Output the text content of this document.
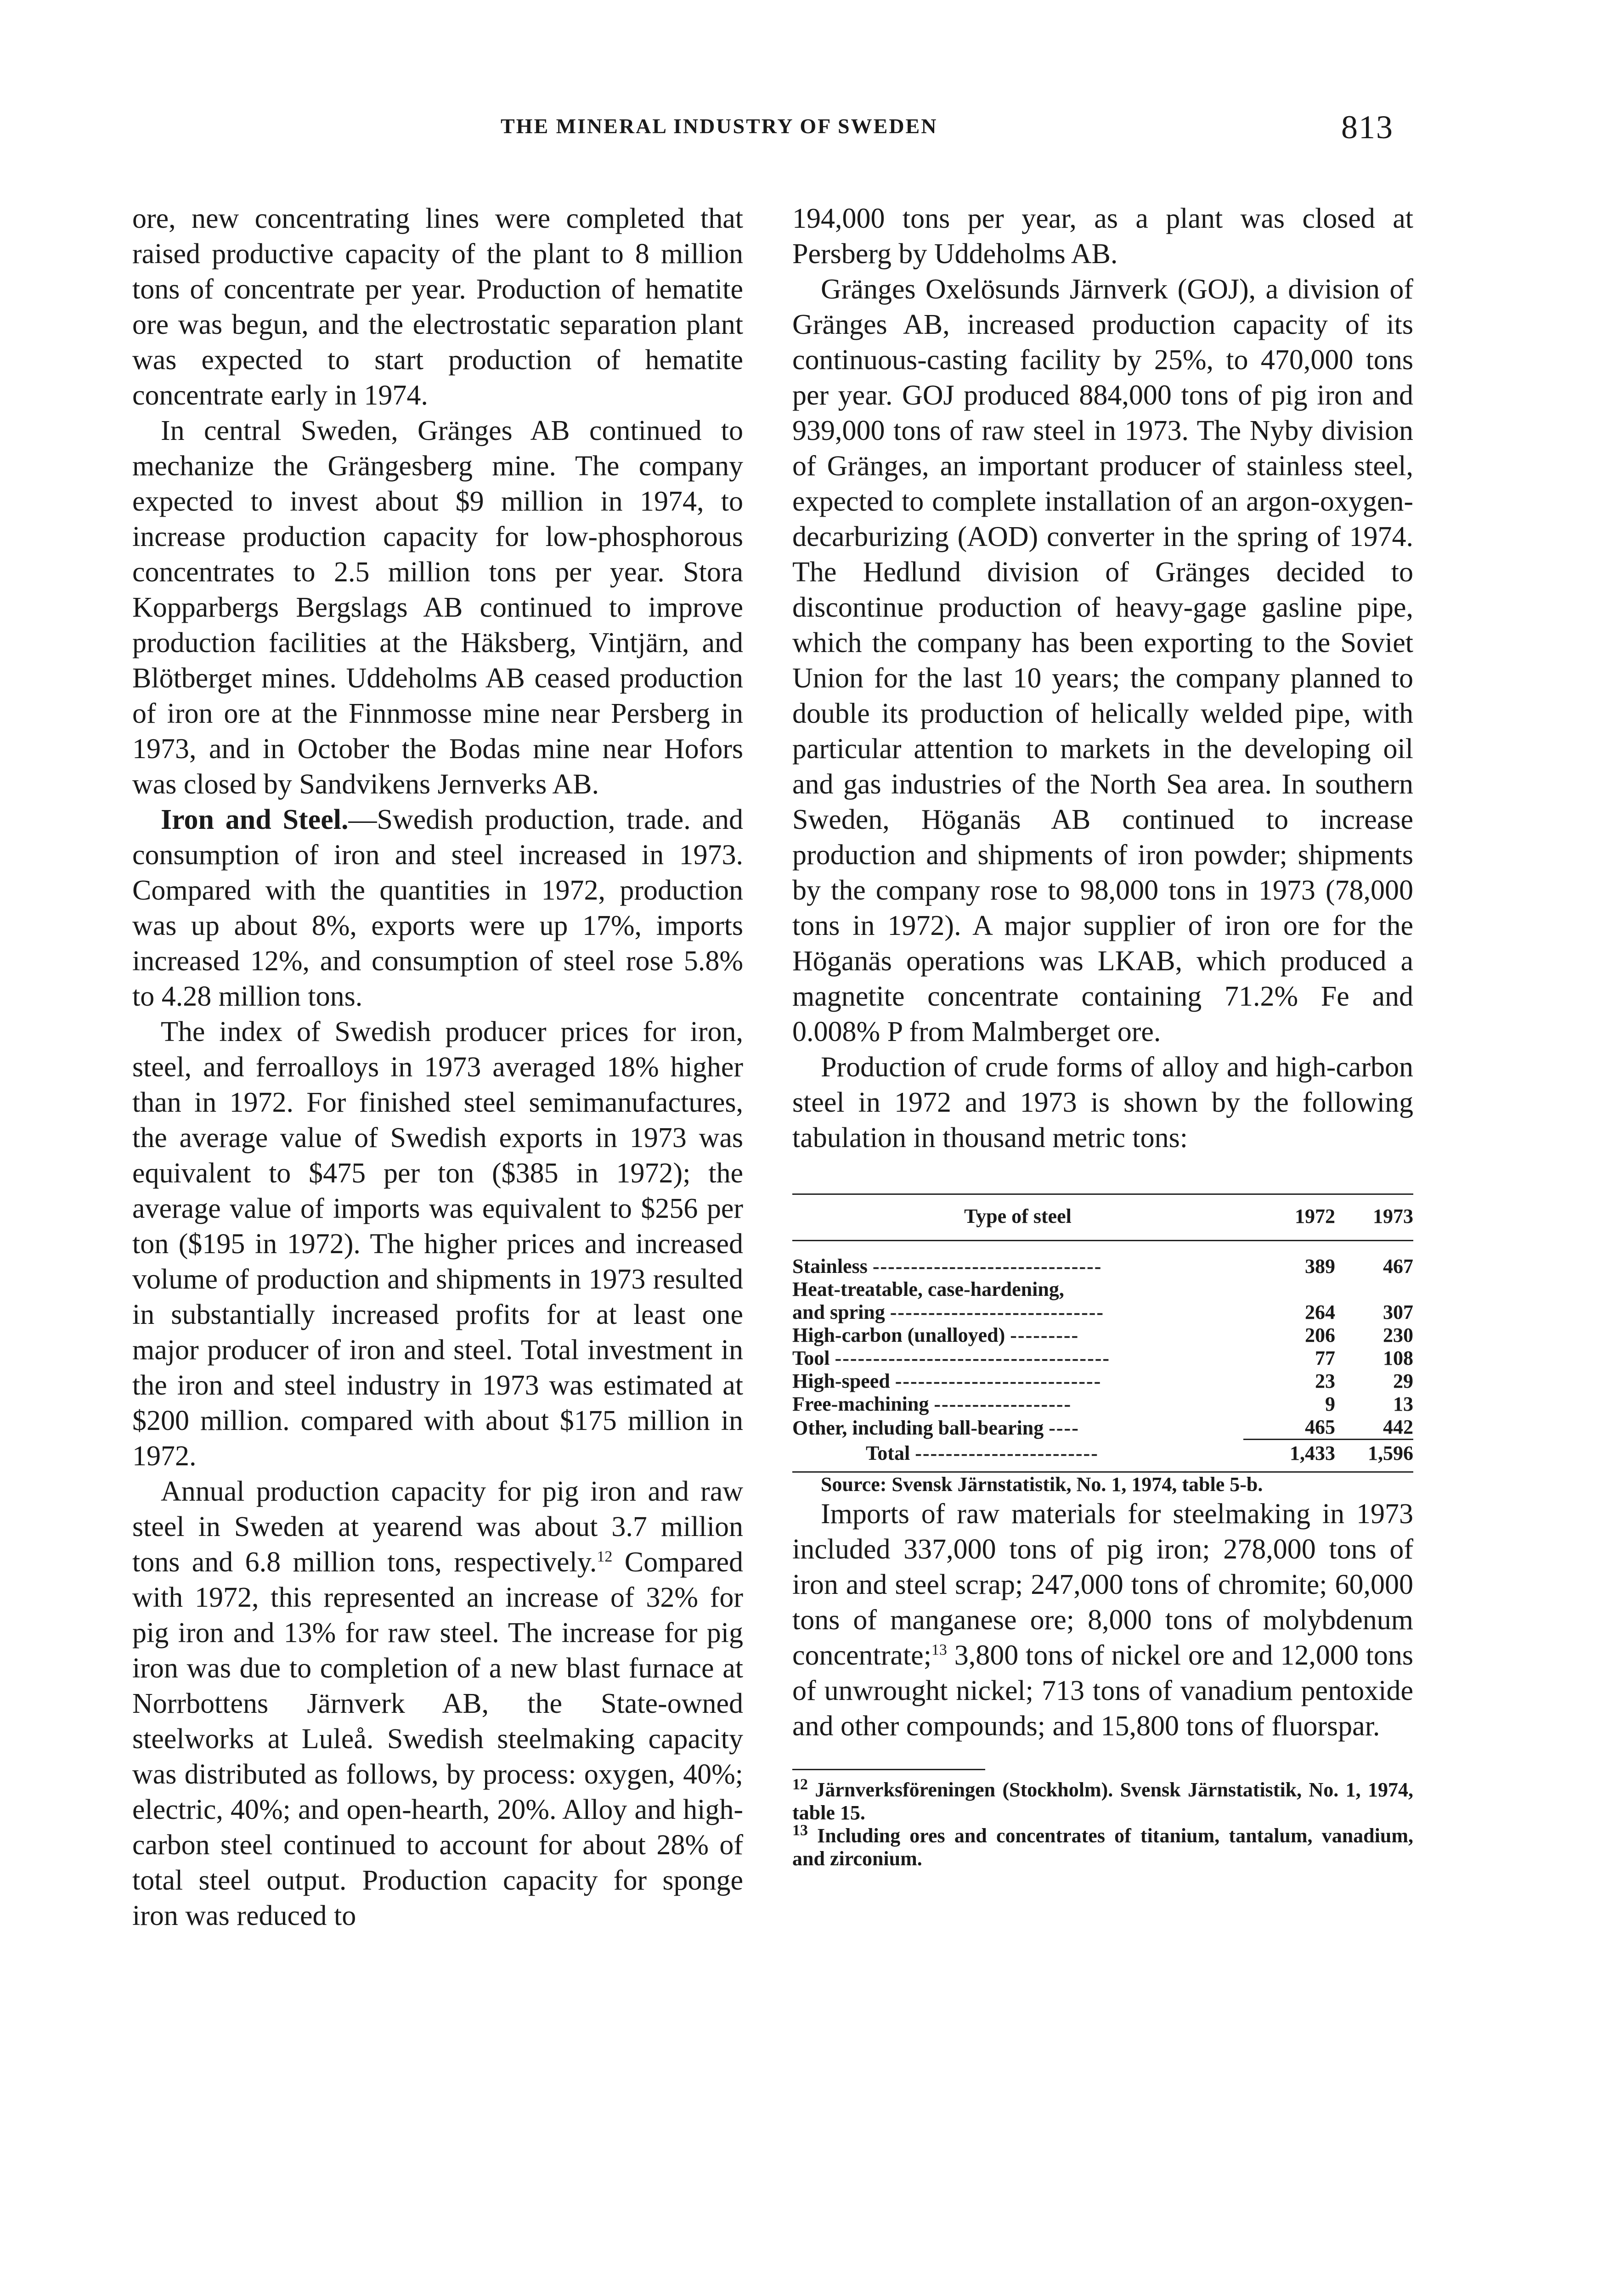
THE MINERAL INDUSTRY OF SWEDEN	813

ore, new concentrating lines were completed that raised productive capacity of the plant to 8 million tons of concentrate per year. Production of hematite ore was begun, and the electrostatic separation plant was expected to start production of hematite concentrate early in 1974.

In central Sweden, Gränges AB continued to mechanize the Grängesberg mine. The company expected to invest about $9 million in 1974, to increase production capacity for low-phosphorous concentrates to 2.5 million tons per year. Stora Kopparbergs Bergslags AB continued to improve production facilities at the Häksberg, Vintjärn, and Blötberget mines. Uddeholms AB ceased production of iron ore at the Finnmosse mine near Persberg in 1973, and in October the Bodas mine near Hofors was closed by Sandvikens Jernverks AB.

Iron and Steel.—Swedish production, trade. and consumption of iron and steel increased in 1973. Compared with the quantities in 1972, production was up about 8%, exports were up 17%, imports increased 12%, and consumption of steel rose 5.8% to 4.28 million tons.

The index of Swedish producer prices for iron, steel, and ferroalloys in 1973 averaged 18% higher than in 1972. For finished steel semimanufactures, the average value of Swedish exports in 1973 was equivalent to $475 per ton ($385 in 1972); the average value of imports was equivalent to $256 per ton ($195 in 1972). The higher prices and increased volume of production and shipments in 1973 resulted in substantially increased profits for at least one major producer of iron and steel. Total investment in the iron and steel industry in 1973 was estimated at $200 million. compared with about $175 million in 1972.

Annual production capacity for pig iron and raw steel in Sweden at yearend was about 3.7 million tons and 6.8 million tons, respectively.$^{12}$ Compared with 1972, this represented an increase of 32% for pig iron and 13% for raw steel. The increase for pig iron was due to completion of a new blast furnace at Norrbottens Järnverk AB, the State-owned steelworks at Luleå. Swedish steelmaking capacity was distributed as follows, by process: oxygen, 40%; electric, 40%; and open-hearth, 20%. Alloy and high-carbon steel continued to account for about 28% of total steel output. Production capacity for sponge iron was reduced to

194,000 tons per year, as a plant was closed at Persberg by Uddeholms AB.

Gränges Oxelösunds Järnverk (GOJ), a division of Gränges AB, increased production capacity of its continuous-casting facility by 25%, to 470,000 tons per year. GOJ produced 884,000 tons of pig iron and 939,000 tons of raw steel in 1973. The Nyby division of Gränges, an important producer of stainless steel, expected to complete installation of an argon-oxygen-decarburizing (AOD) converter in the spring of 1974. The Hedlund division of Gränges decided to discontinue production of heavy-gage gasline pipe, which the company has been exporting to the Soviet Union for the last 10 years; the company planned to double its production of helically welded pipe, with particular attention to markets in the developing oil and gas industries of the North Sea area. In southern Sweden, Höganäs AB continued to increase production and shipments of iron powder; shipments by the company rose to 98,000 tons in 1973 (78,000 tons in 1972). A major supplier of iron ore for the Höganäs operations was LKAB, which produced a magnetite concentrate containing 71.2% Fe and 0.008% P from Malmberget ore.

Production of crude forms of alloy and high-carbon steel in 1972 and 1973 is shown by the following tabulation in thousand metric tons:

Type of steel	1972	1973
Stainless ------------------------------	389	467
Heat-treatable, case-hardening,		
and spring ----------------------------	264	307
High-carbon (unalloyed) ---------	206	230
Tool ------------------------------------	77	108
High-speed ---------------------------	23	29
Free-machining ------------------	9	13
Other, including ball-bearing ----	465	442
Total ------------------------	1,433	1,596

Source: Svensk Järnstatistik, No. 1, 1974, table 5-b.

Imports of raw materials for steelmaking in 1973 included 337,000 tons of pig iron; 278,000 tons of iron and steel scrap; 247,000 tons of chromite; 60,000 tons of manganese ore; 8,000 tons of molybdenum concentrate;$^{13}$ 3,800 tons of nickel ore and 12,000 tons of unwrought nickel; 713 tons of vanadium pentoxide and other compounds; and 15,800 tons of fluorspar.

$^{12}$ Järnverksföreningen (Stockholm). Svensk Järnstatistik, No. 1, 1974, table 15.

$^{13}$ Including ores and concentrates of titanium, tantalum, vanadium, and zirconium.
